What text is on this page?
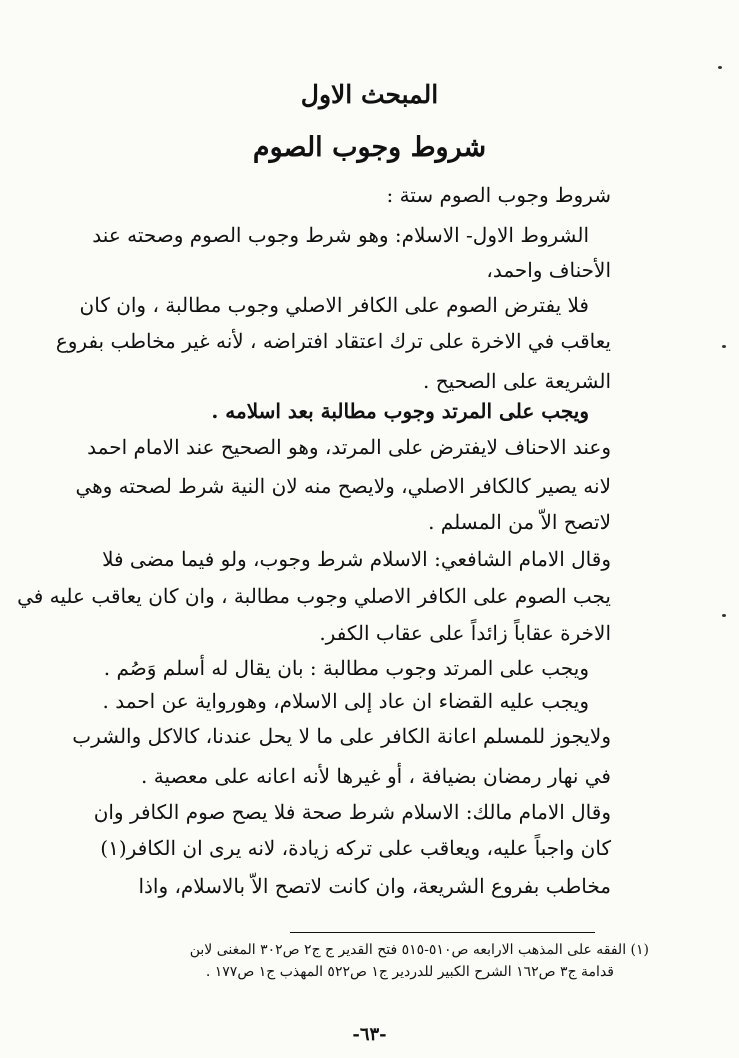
المبحث الاول
شروط وجوب الصوم
شروط وجوب الصوم ستة :
الشروط الاول- الاسلام: وهو شرط وجوب الصوم وصحته عند
الأحناف واحمد،
فلا يفترض الصوم على الكافر الاصلي وجوب مطالبة ، وان كان
يعاقب في الاخرة على ترك اعتقاد افتراضه ، لأنه غير مخاطب بفروع
الشريعة على الصحيح .
ويجب على المرتد وجوب مطالبة بعد اسلامه .
وعند الاحناف لايفترض على المرتد، وهو الصحيح عند الامام احمد
لانه يصير كالكافر الاصلي، ولايصح منه لان النية شرط لصحته وهي
لاتصح الاّ من المسلم .
وقال الامام الشافعي: الاسلام شرط وجوب، ولو فيما مضى فلا
يجب الصوم على الكافر الاصلي وجوب مطالبة ، وان كان يعاقب عليه في
الاخرة عقاباً زائداً على عقاب الكفر.
ويجب على المرتد وجوب مطالبة : بان يقال له أسلم وَصُم .
ويجب عليه القضاء ان عاد إلى الاسلام، وهورواية عن احمد .
ولايجوز للمسلم اعانة الكافر على ما لا يحل عندنا، كالاكل والشرب
في نهار رمضان بضيافة ، أو غيرها لأنه اعانه على معصية .
وقال الامام مالك: الاسلام شرط صحة فلا يصح صوم الكافر وان
كان واجباً عليه، ويعاقب على تركه زيادة، لانه يرى ان الكافر(١)
مخاطب بفروع الشريعة، وان كانت لاتصح الاّ بالاسلام، واذا
(١) الفقه على المذهب الارابعه ص٥١٠-٥١٥ فتح القدير ج ج٢ ص٣٠٢ المغنى لابن
قدامة ج٣ ص١٦٢ الشرح الكبير للدردير ج١ ص٥٢٢ المهذب ج١ ص١٧٧ .
-٦٣-
